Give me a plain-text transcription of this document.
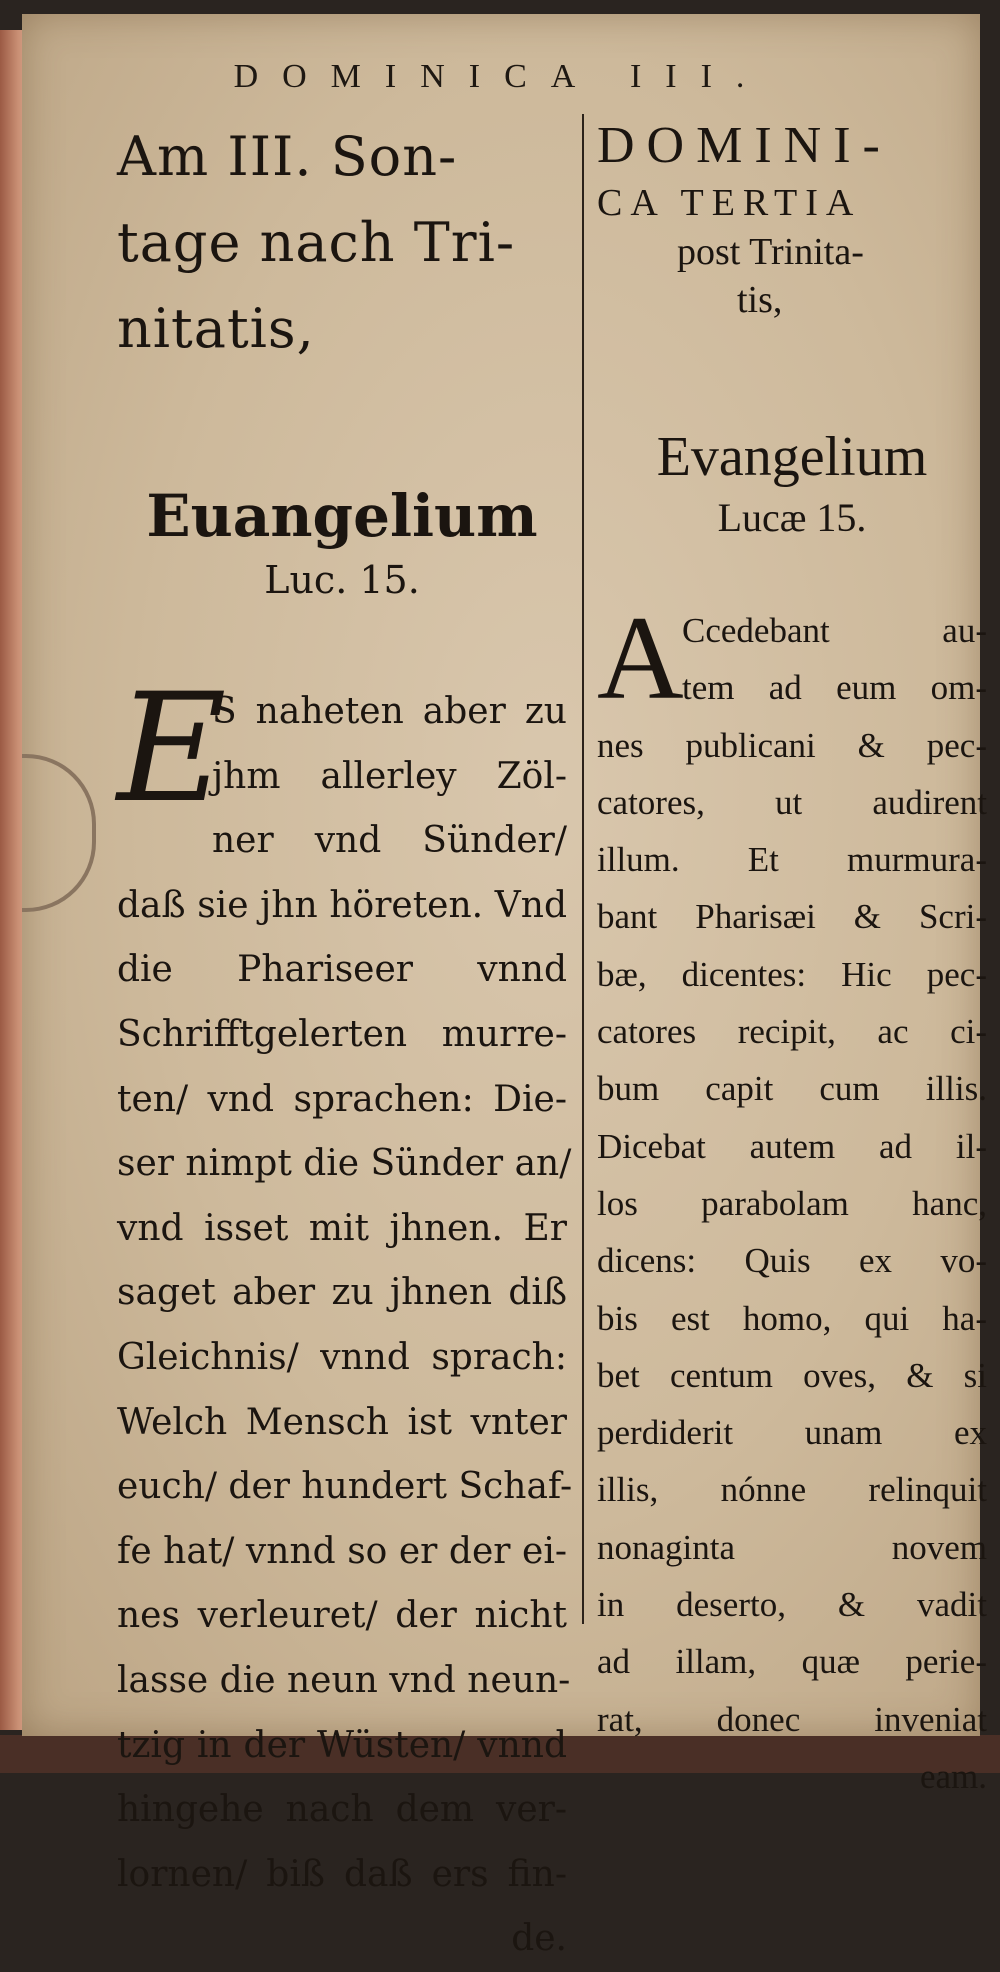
DOMINICA III.
Am III. Son-
tage nach Tri-
nitatis,
Euangelium
Luc. 15.
E
S naheten aber zu
jhm allerley Zöl-
ner vnd Sünder/
daß sie jhn höreten. Vnd
die Phariseer vnnd
Schrifftgelerten murre-
ten/ vnd sprachen: Die-
ser nimpt die Sünder an/
vnd isset mit jhnen. Er
saget aber zu jhnen diß
Gleichnis/ vnnd sprach:
Welch Mensch ist vnter
euch/ der hundert Schaf-
fe hat/ vnnd so er der ei-
nes verleuret/ der nicht
lasse die neun vnd neun-
tzig in der Wüsten/ vnnd
hingehe nach dem ver-
lornen/ biß daß ers fin-
de.
DOMINI-
CA TERTIA
post Trinita-
tis,
Evangelium
Lucæ 15.
A
Ccedebant au-
tem ad eum om-
nes publicani & pec-
catores, ut audirent
illum. Et murmura-
bant Pharisæi & Scri-
bæ, dicentes: Hic pec-
catores recipit, ac ci-
bum capit cum illis.
Dicebat autem ad il-
los parabolam hanc,
dicens: Quis ex vo-
bis est homo, qui ha-
bet centum oves, & si
perdiderit unam ex
illis, nónne relinquit
nonaginta novem
in deserto, & vadit
ad illam, quæ perie-
rat, donec inveniat
eam.
